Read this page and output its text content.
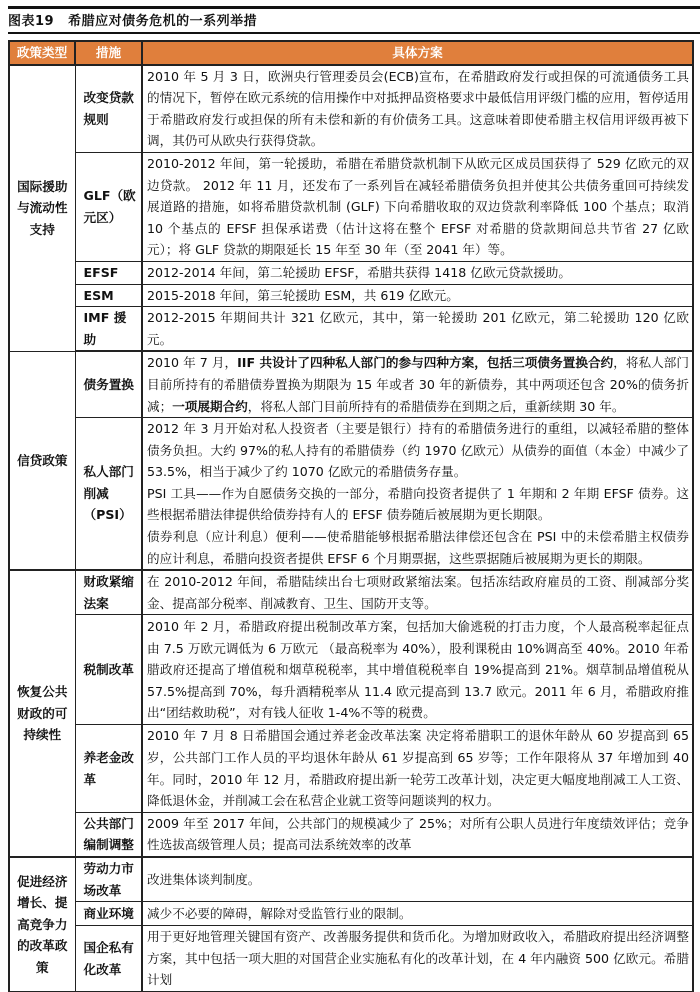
图表19 希腊应对债务危机的一系列举措
政策类型	措施	具体方案
国际援助与流动性支持	改变贷款规则	2010 年 5 月 3 日，欧洲央行管理委员会(ECB)宣布，在希腊政府发行或担保的可流通债务工具的情况下，暂停在欧元系统的信用操作中对抵押品资格要求中最低信用评级门槛的应用，暂停适用于希腊政府发行或担保的所有未偿和新的有价债务工具。这意味着即使希腊主权信用评级再被下调，其仍可从欧央行获得贷款。
	GLF（欧元区）	2010-2012 年间，第一轮援助，希腊在希腊贷款机制下从欧元区成员国获得了 529 亿欧元的双边贷款。 2012 年 11 月，还发布了一系列旨在减轻希腊债务负担并使其公共债务重回可持续发展道路的措施，如将希腊贷款机制 (GLF) 下向希腊收取的双边贷款利率降低 100 个基点；取消 10 个基点的 EFSF 担保承诺费（估计这将在整个 EFSF 对希腊的贷款期间总共节省 27 亿欧元）；将 GLF 贷款的期限延长 15 年至 30 年（至 2041 年）等。
	EFSF	2012-2014 年间，第二轮援助 EFSF，希腊共获得 1418 亿欧元贷款援助。
	ESM	2015-2018 年间，第三轮援助 ESM，共 619 亿欧元。
	IMF 援助	2012-2015 年期间共计 321 亿欧元，其中，第一轮援助 201 亿欧元，第二轮援助 120 亿欧元。
信贷政策	债务置换	2010 年 7 月，IIF 共设计了四种私人部门的参与四种方案，包括三项债务置换合约，将私人部门目前所持有的希腊债券置换为期限为 15 年或者 30 年的新债券，其中两项还包含 20%的债务折减；一项展期合约，将私人部门目前所持有的希腊债券在到期之后，重新续期 30 年。
	私人部门削减（PSI）	2012 年 3 月开始对私人投资者（主要是银行）持有的希腊债务进行的重组，以减轻希腊的整体债务负担。大约 97%的私人持有的希腊债券（约 1970 亿欧元）从债券的面值（本金）中减少了 53.5%，相当于减少了约 1070 亿欧元的希腊债务存量。
PSI 工具——作为自愿债务交换的一部分，希腊向投资者提供了 1 年期和 2 年期 EFSF 债券。这些根据希腊法律提供给债券持有人的 EFSF 债券随后被展期为更长期限。
债券利息（应计利息）便利——使希腊能够根据希腊法律偿还包含在 PSI 中的未偿希腊主权债券的应计利息，希腊向投资者提供 EFSF 6 个月期票据，这些票据随后被展期为更长的期限。

恢复公共财政的可持续性	财政紧缩法案	在 2010-2012 年间，希腊陆续出台七项财政紧缩法案。包括冻结政府雇员的工资、削减部分奖金、提高部分税率、削减教育、卫生、国防开支等。
	税制改革	2010 年 2 月，希腊政府提出税制改革方案，包括加大偷逃税的打击力度，个人最高税率起征点由 7.5 万欧元调低为 6 万欧元 （最高税率为 40%），股利课税由 10%调高至 40%。2010 年希腊政府还提高了增值税和烟草税税率，其中增值税税率自 19%提高到 21%。烟草制品增值税从 57.5%提高到 70%，每升酒精税率从 11.4 欧元提高到 13.7 欧元。2011 年 6 月，希腊政府推出“团结救助税”，对有钱人征收 1-4%不等的税费。
	养老金改革	2010 年 7 月 8 日希腊国会通过养老金改革法案 决定将希腊职工的退休年龄从 60 岁提高到 65 岁，公共部门工作人员的平均退休年龄从 61 岁提高到 65 岁等；工作年限将从 37 年增加到 40 年。同时，2010 年 12 月，希腊政府提出新一轮劳工改革计划，决定更大幅度地削减工人工资、降低退休金，并削减工会在私营企业就工资等问题谈判的权力。
	公共部门编制调整	2009 年至 2017 年间，公共部门的规模减少了 25%；对所有公职人员进行年度绩效评估；竞争性选拔高级管理人员；提高司法系统效率的改革
促进经济增长、提高竞争力的改革政策	劳动力市场改革	改进集体谈判制度。
	商业环境	减少不必要的障碍，解除对受监管行业的限制。
	国企私有化改革	用于更好地管理关键国有资产、改善服务提供和货币化。为增加财政收入，希腊政府提出经济调整方案，其中包括一项大胆的对国营企业实施私有化的改革计划，在 4 年内融资 500 亿欧元。希腊计划
